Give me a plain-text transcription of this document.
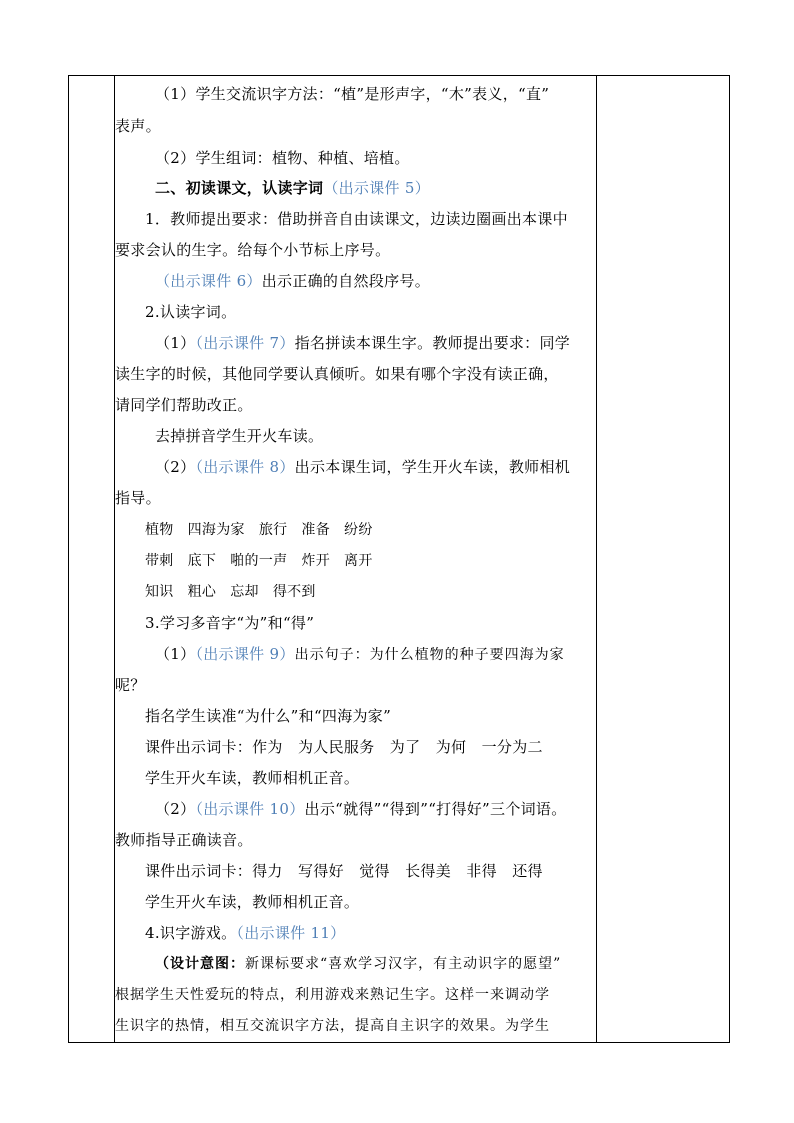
（1）学生交流识字方法：“植”是形声字，“木”表义，“直”
表声。
（2）学生组词：植物、种植、培植。
二、初读课文，认读字词（出示课件 5）
1．教师提出要求：借助拼音自由读课文，边读边圈画出本课中
要求会认的生字。给每个小节标上序号。
（出示课件 6）出示正确的自然段序号。
2.认读字词。
（1）（出示课件 7）指名拼读本课生字。教师提出要求：同学
读生字的时候，其他同学要认真倾听。如果有哪个字没有读正确，
请同学们帮助改正。
去掉拼音学生开火车读。
（2）（出示课件 8）出示本课生词，学生开火车读，教师相机
指导。
植物 四海为家 旅行 准备 纷纷
带刺 底下 啪的一声 炸开 离开
知识 粗心 忘却 得不到
3.学习多音字“为”和“得”
（1）（出示课件 9）出示句子：为什么植物的种子要四海为家
呢？
指名学生读准“为什么”和“四海为家”
课件出示词卡：作为　为人民服务　为了　为何　一分为二
学生开火车读，教师相机正音。
（2）（出示课件 10）出示“就得”“得到”“打得好”三个词语。
教师指导正确读音。
课件出示词卡：得力　写得好　觉得　长得美　非得　还得
学生开火车读，教师相机正音。
4.识字游戏。（出示课件 11）
（设计意图：新课标要求“喜欢学习汉字，有主动识字的愿望”
根据学生天性爱玩的特点，利用游戏来熟记生字。这样一来调动学
生识字的热情，相互交流识字方法，提高自主识字的效果。为学生
